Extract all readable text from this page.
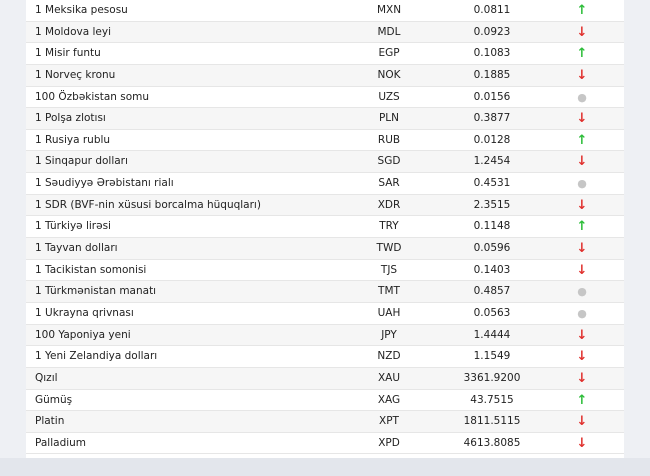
1 Meksika pesosu	MXN	0.0811	↑
1 Moldova leyi	MDL	0.0923	↓
1 Misir funtu	EGP	0.1083	↑
1 Norveç kronu	NOK	0.1885	↓
100 Özbəkistan somu	UZS	0.0156	●
1 Polşa zlotısı	PLN	0.3877	↓
1 Rusiya rublu	RUB	0.0128	↑
1 Sinqapur dolları	SGD	1.2454	↓
1 Səudiyyə Ərəbistanı rialı	SAR	0.4531	●
1 SDR (BVF-nin xüsusi borcalma hüquqları)	XDR	2.3515	↓
1 Türkiyə lirəsi	TRY	0.1148	↑
1 Tayvan dolları	TWD	0.0596	↓
1 Tacikistan somonisi	TJS	0.1403	↓
1 Türkmənistan manatı	TMT	0.4857	●
1 Ukrayna qrivnası	UAH	0.0563	●
100 Yaponiya yeni	JPY	1.4444	↓
1 Yeni Zelandiya dolları	NZD	1.1549	↓
Qızıl	XAU	3361.9200	↓
Gümüş	XAG	43.7515	↑
Platin	XPT	1811.5115	↓
Palladium	XPD	4613.8085	↓
